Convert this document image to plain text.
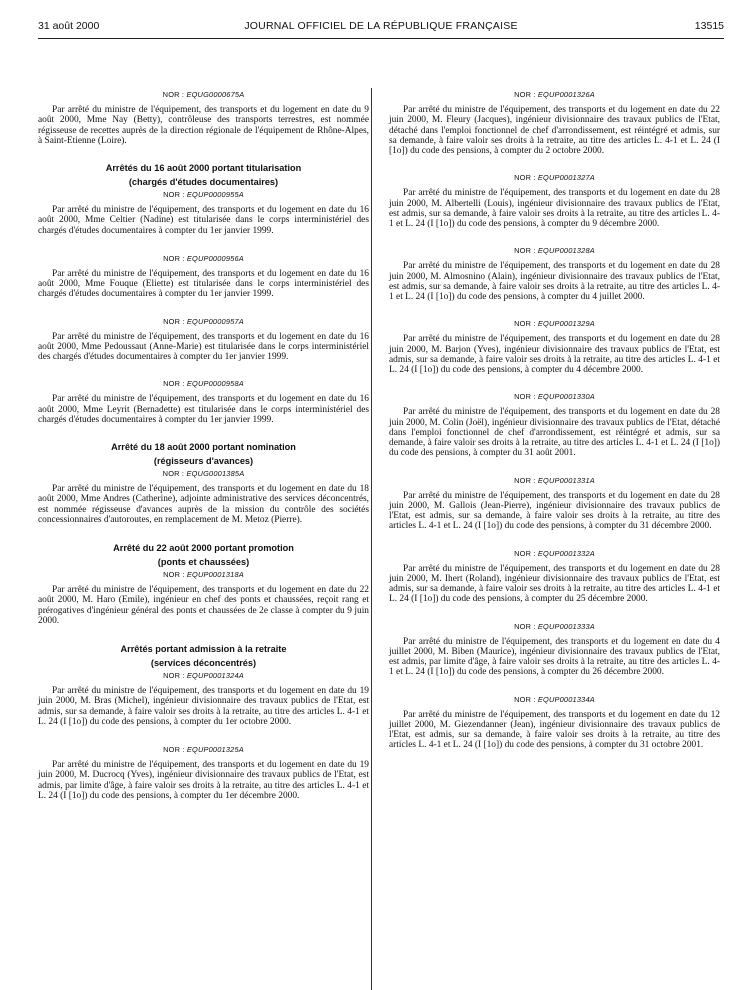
31 août 2000	JOURNAL OFFICIEL DE LA RÉPUBLIQUE FRANÇAISE	13515
NOR : EQUG0000675A

Par arrêté du ministre de l'équipement, des transports et du logement en date du 9 août 2000, Mme Nay (Betty), contrôleuse des transports terrestres, est nommée régisseuse de recettes auprès de la direction régionale de l'équipement de Rhône-Alpes, à Saint-Etienne (Loire).

Arrêtés du 16 août 2000 portant titularisation
(chargés d'études documentaires)
NOR : EQUP0000955A

Par arrêté du ministre de l'équipement, des transports et du logement en date du 16 août 2000, Mme Celtier (Nadine) est titularisée dans le corps interministériel des chargés d'études documentaires à compter du 1er janvier 1999.

NOR : EQUP0000956A

Par arrêté du ministre de l'équipement, des transports et du logement en date du 16 août 2000, Mme Fouque (Eliette) est titularisée dans le corps interministériel des chargés d'études documentaires à compter du 1er janvier 1999.

NOR : EQUP0000957A

Par arrêté du ministre de l'équipement, des transports et du logement en date du 16 août 2000, Mme Pedoussaut (Anne-Marie) est titularisée dans le corps interministériel des chargés d'études documentaires à compter du 1er janvier 1999.

NOR : EQUP0000958A

Par arrêté du ministre de l'équipement, des transports et du logement en date du 16 août 2000, Mme Leyrit (Bernadette) est titularisée dans le corps interministériel des chargés d'études documentaires à compter du 1er janvier 1999.

Arrêté du 18 août 2000 portant nomination
(régisseurs d'avances)
NOR : EQUG0001385A

Par arrêté du ministre de l'équipement, des transports et du logement en date du 18 août 2000, Mme Andres (Catherine), adjointe administrative des services déconcentrés, est nommée régisseuse d'avances auprès de la mission du contrôle des sociétés concessionnaires d'autoroutes, en remplacement de M. Metoz (Pierre).

Arrêté du 22 août 2000 portant promotion
(ponts et chaussées)
NOR : EQUP0001318A

Par arrêté du ministre de l'équipement, des transports et du logement en date du 22 août 2000, M. Haro (Emile), ingénieur en chef des ponts et chaussées, reçoit rang et prérogatives d'ingénieur général des ponts et chaussées de 2e classe à compter du 9 juin 2000.

Arrêtés portant admission à la retraite
(services déconcentrés)
NOR : EQUP0001324A

Par arrêté du ministre de l'équipement, des transports et du logement en date du 19 juin 2000, M. Bras (Michel), ingénieur divisionnaire des travaux publics de l'Etat, est admis, sur sa demande, à faire valoir ses droits à la retraite, au titre des articles L. 4-1 et L. 24 (I [1o]) du code des pensions, à compter du 1er octobre 2000.

NOR : EQUP0001325A

Par arrêté du ministre de l'équipement, des transports et du logement en date du 19 juin 2000, M. Ducrocq (Yves), ingénieur divisionnaire des travaux publics de l'Etat, est admis, par limite d'âge, à faire valoir ses droits à la retraite, au titre des articles L. 4-1 et L. 24 (I [1o]) du code des pensions, à compter du 1er décembre 2000.

NOR : EQUP0001326A

Par arrêté du ministre de l'équipement, des transports et du logement en date du 22 juin 2000, M. Fleury (Jacques), ingénieur divisionnaire des travaux publics de l'Etat, détaché dans l'emploi fonctionnel de chef d'arrondissement, est réintégré et admis, sur sa demande, à faire valoir ses droits à la retraite, au titre des articles L. 4-1 et L. 24 (I [1o]) du code des pensions, à compter du 2 octobre 2000.

NOR : EQUP0001327A

Par arrêté du ministre de l'équipement, des transports et du logement en date du 28 juin 2000, M. Albertelli (Louis), ingénieur divisionnaire des travaux publics de l'Etat, est admis, sur sa demande, à faire valoir ses droits à la retraite, au titre des articles L. 4-1 et L. 24 (I [1o]) du code des pensions, à compter du 9 décembre 2000.

NOR : EQUP0001328A

Par arrêté du ministre de l'équipement, des transports et du logement en date du 28 juin 2000, M. Almosnino (Alain), ingénieur divisionnaire des travaux publics de l'Etat, est admis, sur sa demande, à faire valoir ses droits à la retraite, au titre des articles L. 4-1 et L. 24 (I [1o]) du code des pensions, à compter du 4 juillet 2000.

NOR : EQUP0001329A

Par arrêté du ministre de l'équipement, des transports et du logement en date du 28 juin 2000, M. Barjon (Yves), ingénieur divisionnaire des travaux publics de l'Etat, est admis, sur sa demande, à faire valoir ses droits à la retraite, au titre des articles L. 4-1 et L. 24 (I [1o]) du code des pensions, à compter du 4 décembre 2000.

NOR : EQUP0001330A

Par arrêté du ministre de l'équipement, des transports et du logement en date du 28 juin 2000, M. Colin (Joël), ingénieur divisionnaire des travaux publics de l'Etat, détaché dans l'emploi fonctionnel de chef d'arrondissement, est réintégré et admis, sur sa demande, à faire valoir ses droits à la retraite, au titre des articles L. 4-1 et L. 24 (I [1o]) du code des pensions, à compter du 31 août 2001.

NOR : EQUP0001331A

Par arrêté du ministre de l'équipement, des transports et du logement en date du 28 juin 2000, M. Gallois (Jean-Pierre), ingénieur divisionnaire des travaux publics de l'Etat, est admis, sur sa demande, à faire valoir ses droits à la retraite, au titre des articles L. 4-1 et L. 24 (I [1o]) du code des pensions, à compter du 31 décembre 2000.

NOR : EQUP0001332A

Par arrêté du ministre de l'équipement, des transports et du logement en date du 28 juin 2000, M. Ihert (Roland), ingénieur divisionnaire des travaux publics de l'Etat, est admis, sur sa demande, à faire valoir ses droits à la retraite, au titre des articles L. 4-1 et L. 24 (I [1o]) du code des pensions, à compter du 25 décembre 2000.

NOR : EQUP0001333A

Par arrêté du ministre de l'équipement, des transports et du logement en date du 4 juillet 2000, M. Biben (Maurice), ingénieur divisionnaire des travaux publics de l'Etat, est admis, par limite d'âge, à faire valoir ses droits à la retraite, au titre des articles L. 4-1 et L. 24 (I [1o]) du code des pensions, à compter du 26 décembre 2000.

NOR : EQUP0001334A

Par arrêté du ministre de l'équipement, des transports et du logement en date du 12 juillet 2000, M. Giezendanner (Jean), ingénieur divisionnaire des travaux publics de l'Etat, est admis, sur sa demande, à faire valoir ses droits à la retraite, au titre des articles L. 4-1 et L. 24 (I [1o]) du code des pensions, à compter du 31 octobre 2001.
